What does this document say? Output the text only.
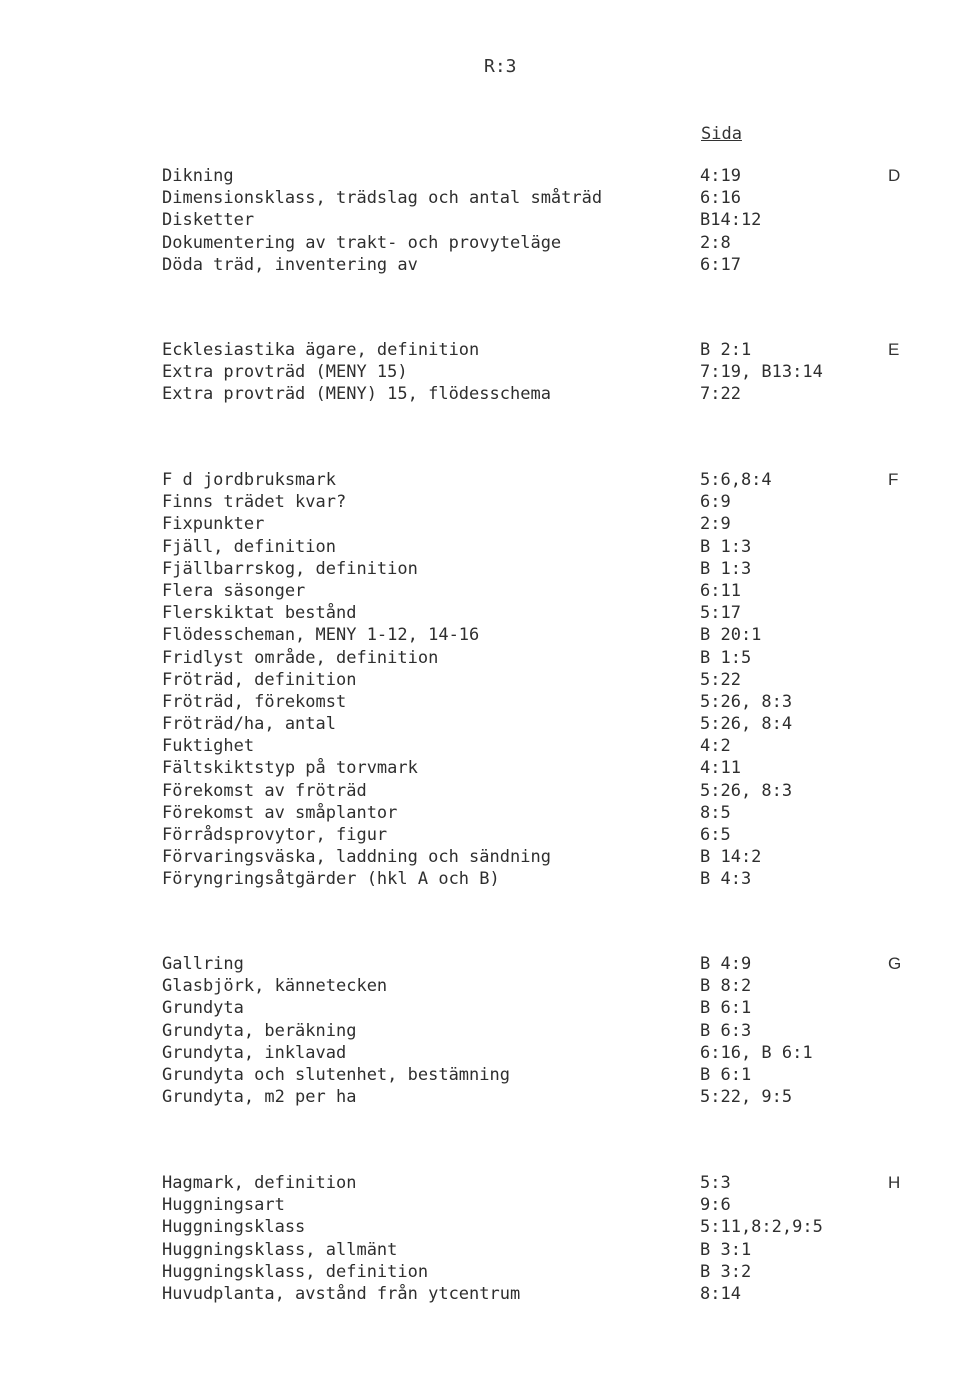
R:3
Sida
D
Dikning	4:19
Dimensionsklass, trädslag och antal småträd	6:16
Disketter	B14:12
Dokumentering av trakt- och provyteläge	2:8
Döda träd, inventering av	6:17
E
Ecklesiastika ägare, definition	B 2:1
Extra provträd (MENY 15)	7:19, B13:14
Extra provträd (MENY) 15, flödesschema	7:22
F
F d jordbruksmark	5:6,8:4
Finns trädet kvar?	6:9
Fixpunkter	2:9
Fjäll, definition	B 1:3
Fjällbarrskog, definition	B 1:3
Flera säsonger	6:11
Flerskiktat bestånd	5:17
Flödesscheman, MENY 1-12, 14-16	B 20:1
Fridlyst område, definition	B 1:5
Fröträd, definition	5:22
Fröträd, förekomst	5:26, 8:3
Fröträd/ha, antal	5:26, 8:4
Fuktighet	4:2
Fältskiktstyp på torvmark	4:11
Förekomst av fröträd	5:26, 8:3
Förekomst av småplantor	8:5
Förrådsprovytor, figur	6:5
Förvaringsväska, laddning och sändning	B 14:2
Föryngringsåtgärder (hkl A och B)	B 4:3
G
Gallring	B 4:9
Glasbjörk, kännetecken	B 8:2
Grundyta	B 6:1
Grundyta, beräkning	B 6:3
Grundyta, inklavad	6:16, B 6:1
Grundyta och slutenhet, bestämning	B 6:1
Grundyta, m2 per ha	5:22, 9:5
H
Hagmark, definition	5:3
Huggningsart	9:6
Huggningsklass	5:11,8:2,9:5
Huggningsklass, allmänt	B 3:1
Huggningsklass, definition	B 3:2
Huvudplanta, avstånd från ytcentrum	8:14
